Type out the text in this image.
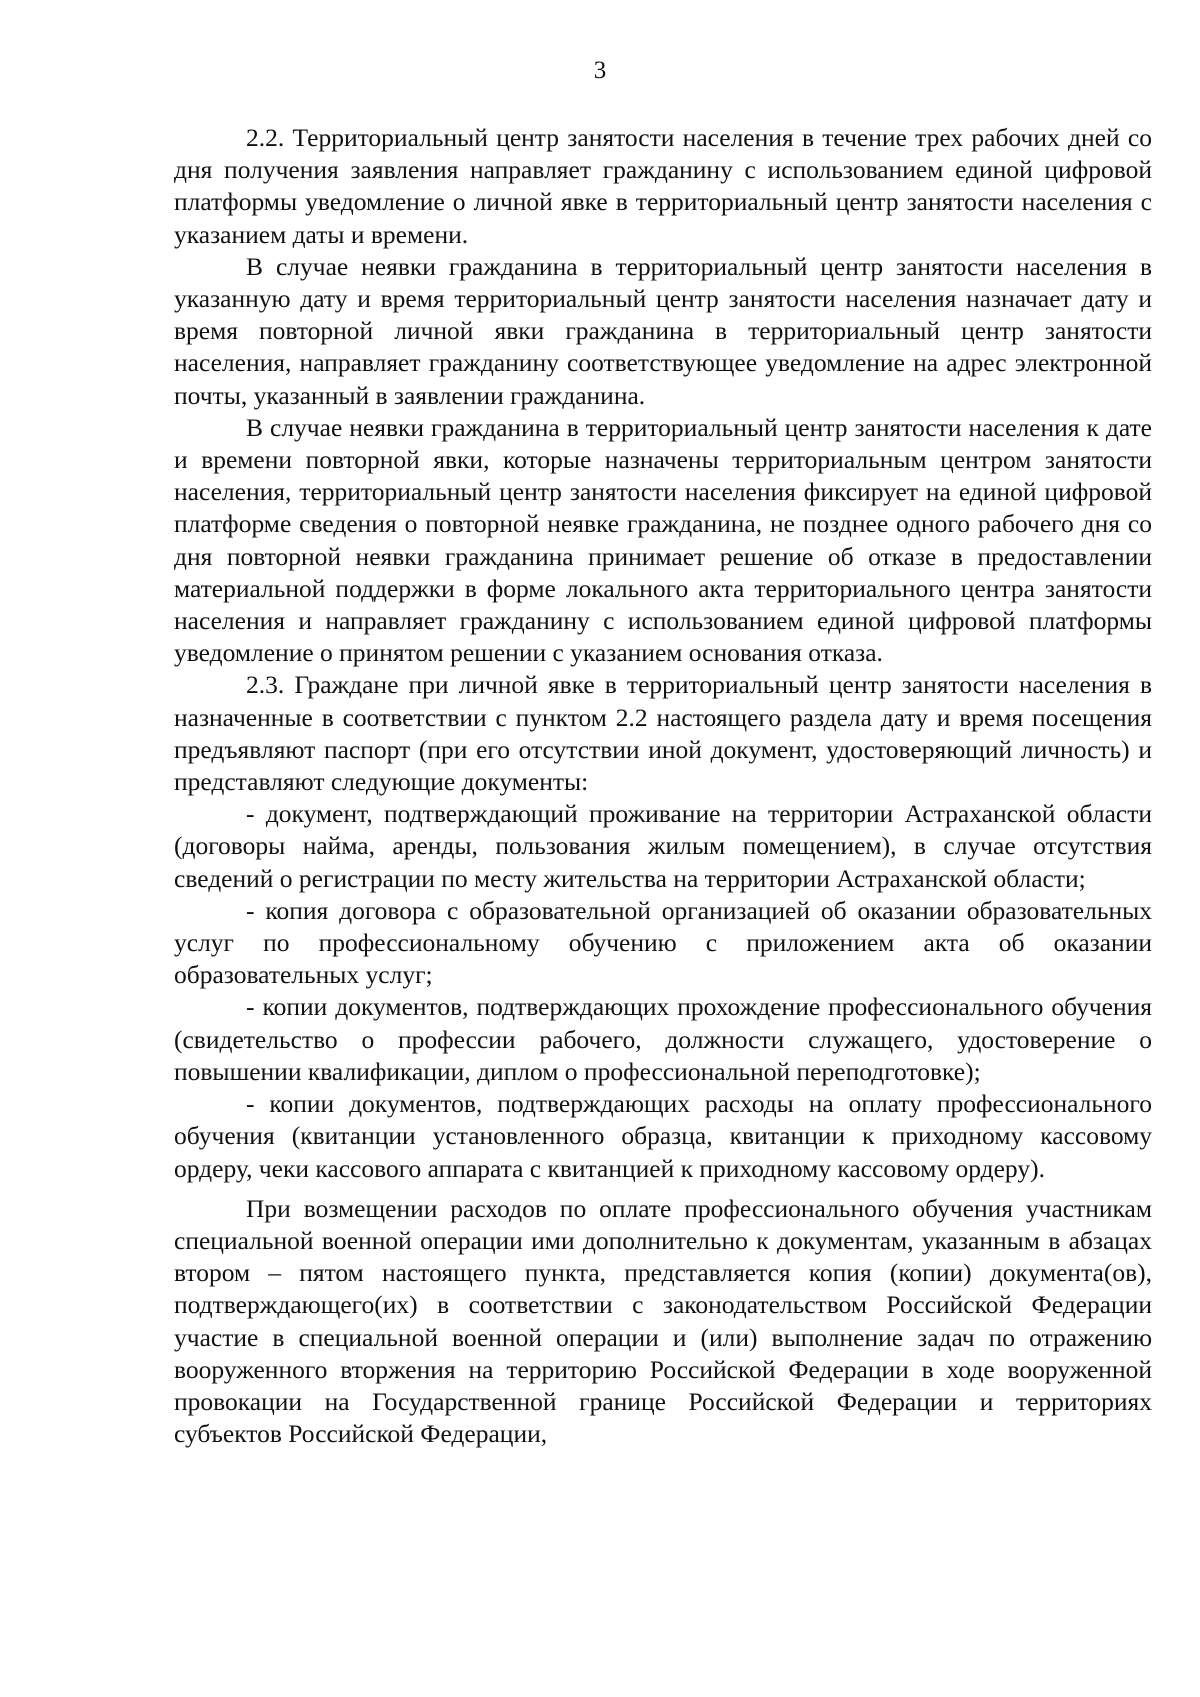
3

2.2. Территориальный центр занятости населения в течение трех рабочих дней со дня получения заявления направляет гражданину с использованием единой цифровой платформы уведомление о личной явке в территориальный центр занятости населения с указанием даты и времени.

В случае неявки гражданина в территориальный центр занятости населения в указанную дату и время территориальный центр занятости населения назначает дату и время повторной личной явки гражданина в территориальный центр занятости населения, направляет гражданину соответствующее уведомление на адрес электронной почты, указанный в заявлении гражданина.

В случае неявки гражданина в территориальный центр занятости населения к дате и времени повторной явки, которые назначены территориальным центром занятости населения, территориальный центр занятости населения фиксирует на единой цифровой платформе сведения о повторной неявке гражданина, не позднее одного рабочего дня со дня повторной неявки гражданина принимает решение об отказе в предоставлении материальной поддержки в форме локального акта территориального центра занятости населения и направляет гражданину с использованием единой цифровой платформы уведомление о принятом решении с указанием основания отказа.

2.3. Граждане при личной явке в территориальный центр занятости населения в назначенные в соответствии с пунктом 2.2 настоящего раздела дату и время посещения предъявляют паспорт (при его отсутствии иной документ, удостоверяющий личность) и представляют следующие документы:

- документ, подтверждающий проживание на территории Астраханской области (договоры найма, аренды, пользования жилым помещением), в случае отсутствия сведений о регистрации по месту жительства на территории Астраханской области;

- копия договора с образовательной организацией об оказании образовательных услуг по профессиональному обучению с приложением акта об оказании образовательных услуг;

- копии документов, подтверждающих прохождение профессионального обучения (свидетельство о профессии рабочего, должности служащего, удостоверение о повышении квалификации, диплом о профессиональной переподготовке);

- копии документов, подтверждающих расходы на оплату профессионального обучения (квитанции установленного образца, квитанции к приходному кассовому ордеру, чеки кассового аппарата с квитанцией к приходному кассовому ордеру).

При возмещении расходов по оплате профессионального обучения участникам специальной военной операции ими дополнительно к документам, указанным в абзацах втором – пятом настоящего пункта, представляется копия (копии) документа(ов), подтверждающего(их) в соответствии с законодательством Российской Федерации участие в специальной военной операции и (или) выполнение задач по отражению вооруженного вторжения на территорию Российской Федерации в ходе вооруженной провокации на Государственной границе Российской Федерации и территориях субъектов Российской Федерации,
